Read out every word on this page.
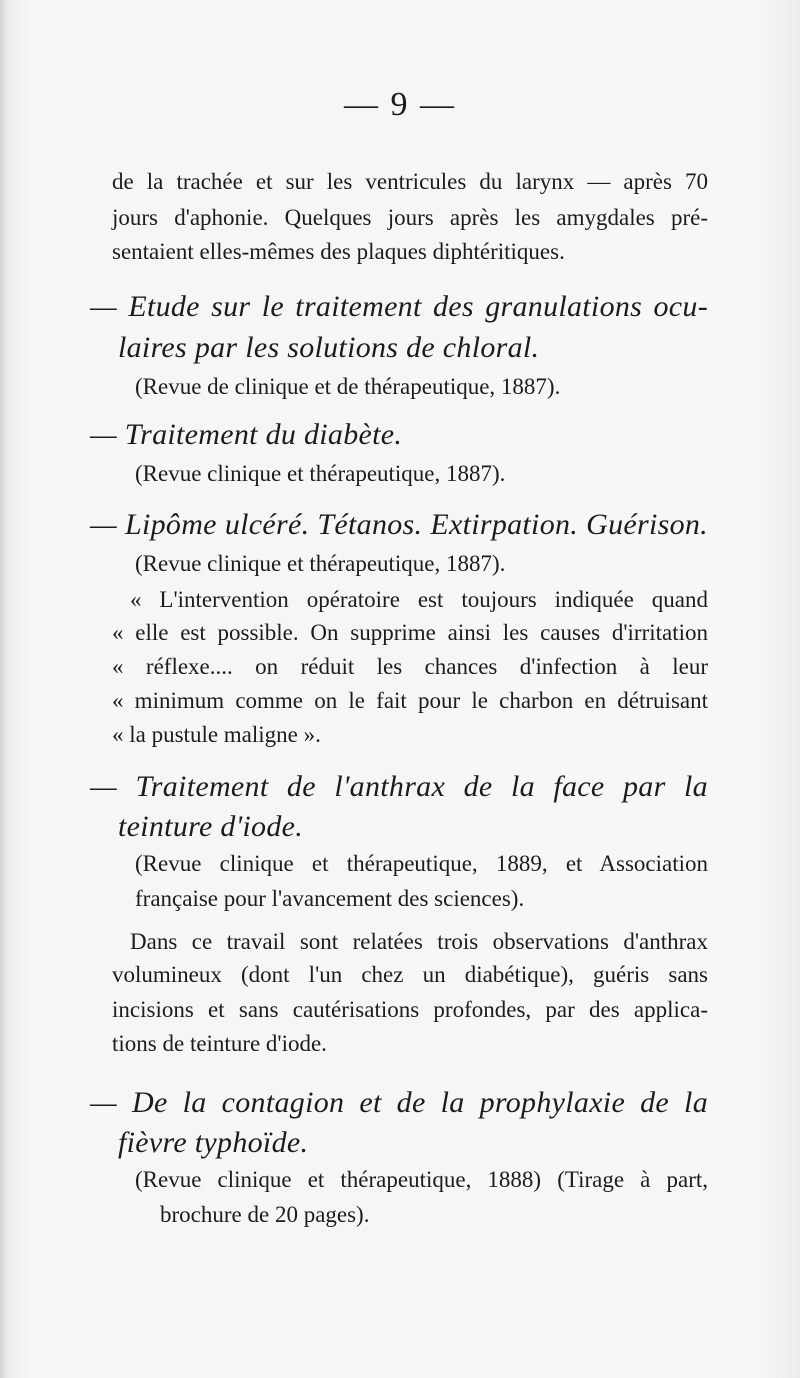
— 9 —
de la trachée et sur les ventricules du larynx — après 70
jours d'aphonie. Quelques jours après les amygdales pré-
sentaient elles-mêmes des plaques diphtéritiques.
— Etude sur le traitement des granulations ocu-
laires par les solutions de chloral.
(Revue de clinique et de thérapeutique, 1887).
— Traitement du diabète.
(Revue clinique et thérapeutique, 1887).
— Lipôme ulcéré. Tétanos. Extirpation. Guérison.
(Revue clinique et thérapeutique, 1887).
« L'intervention opératoire est toujours indiquée quand
« elle est possible. On supprime ainsi les causes d'irritation
« réflexe.... on réduit les chances d'infection à leur
« minimum comme on le fait pour le charbon en détruisant
« la pustule maligne ».
— Traitement de l'anthrax de la face par la
teinture d'iode.
(Revue clinique et thérapeutique, 1889, et Association
française pour l'avancement des sciences).
Dans ce travail sont relatées trois observations d'anthrax
volumineux (dont l'un chez un diabétique), guéris sans
incisions et sans cautérisations profondes, par des applica-
tions de teinture d'iode.
— De la contagion et de la prophylaxie de la
fièvre typhoïde.
(Revue clinique et thérapeutique, 1888) (Tirage à part,
brochure de 20 pages).
